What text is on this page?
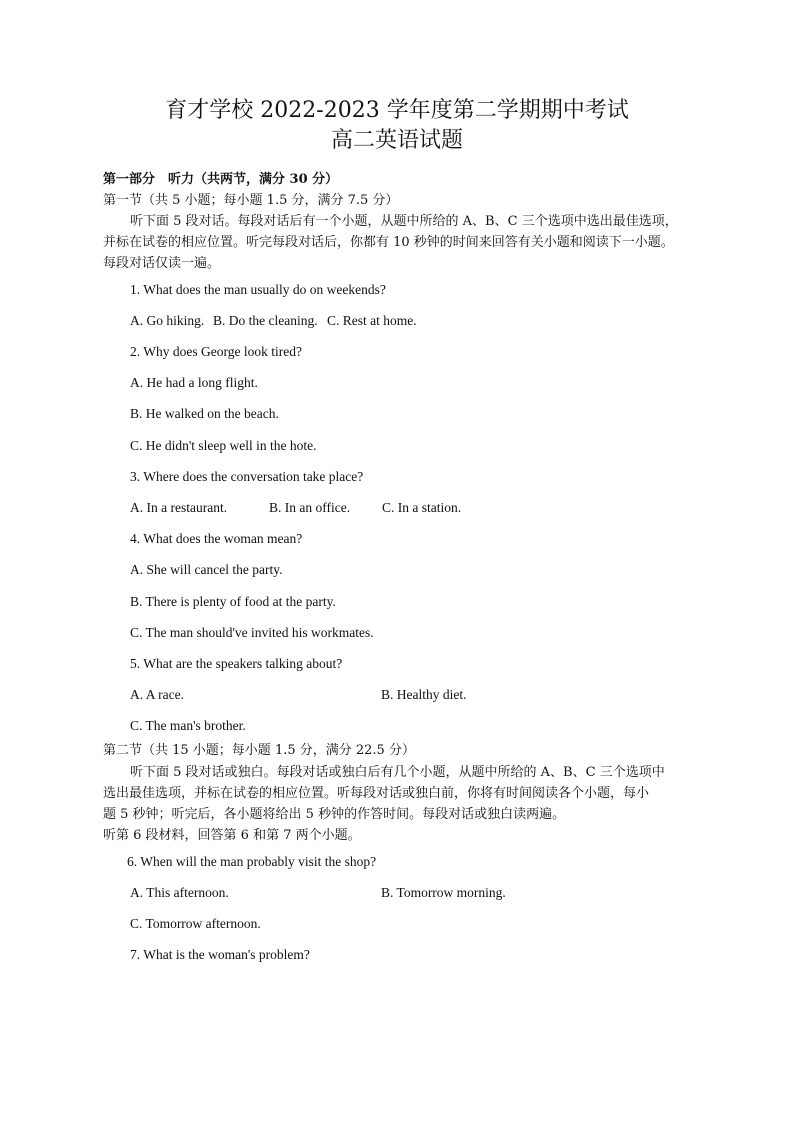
育才学校 2022-2023 学年度第二学期期中考试
高二英语试题
第一部分　听力（共两节，满分 30 分）
第一节（共 5 小题；每小题 1.5 分，满分 7.5 分）
听下面 5 段对话。每段对话后有一个小题，从题中所给的 A、B、C 三个选项中选出最佳选项，
并标在试卷的相应位置。听完每段对话后，你都有 10 秒钟的时间来回答有关小题和阅读下一小题。
每段对话仅读一遍。
1. What does the man usually do on weekends?
A. Go hiking. B. Do the cleaning. C. Rest at home.
2. Why does George look tired?
A. He had a long flight.
B. He walked on the beach.
C. He didn't sleep well in the hote.
3. Where does the conversation take place?
A. In a restaurant.	B. In an office. C. In a station.
4. What does the woman mean?
A. She will cancel the party.
B. There is plenty of food at the party.
C. The man should've invited his workmates.
5. What are the speakers talking about?
A. A race.	B. Healthy diet.
C. The man's brother.
第二节（共 15 小题；每小题 1.5 分，满分 22.5 分）
听下面 5 段对话或独白。每段对话或独白后有几个小题，从题中所给的 A、B、C 三个选项中
选出最佳选项，并标在试卷的相应位置。听每段对话或独白前，你将有时间阅读各个小题，每小
题 5 秒钟；听完后，各小题将给出 5 秒钟的作答时间。每段对话或独白读两遍。
听第 6 段材料，回答第 6 和第 7 两个小题。
6. When will the man probably visit the shop?
A. This afternoon.	B. Tomorrow morning.
C. Tomorrow afternoon.
7. What is the woman's problem?
